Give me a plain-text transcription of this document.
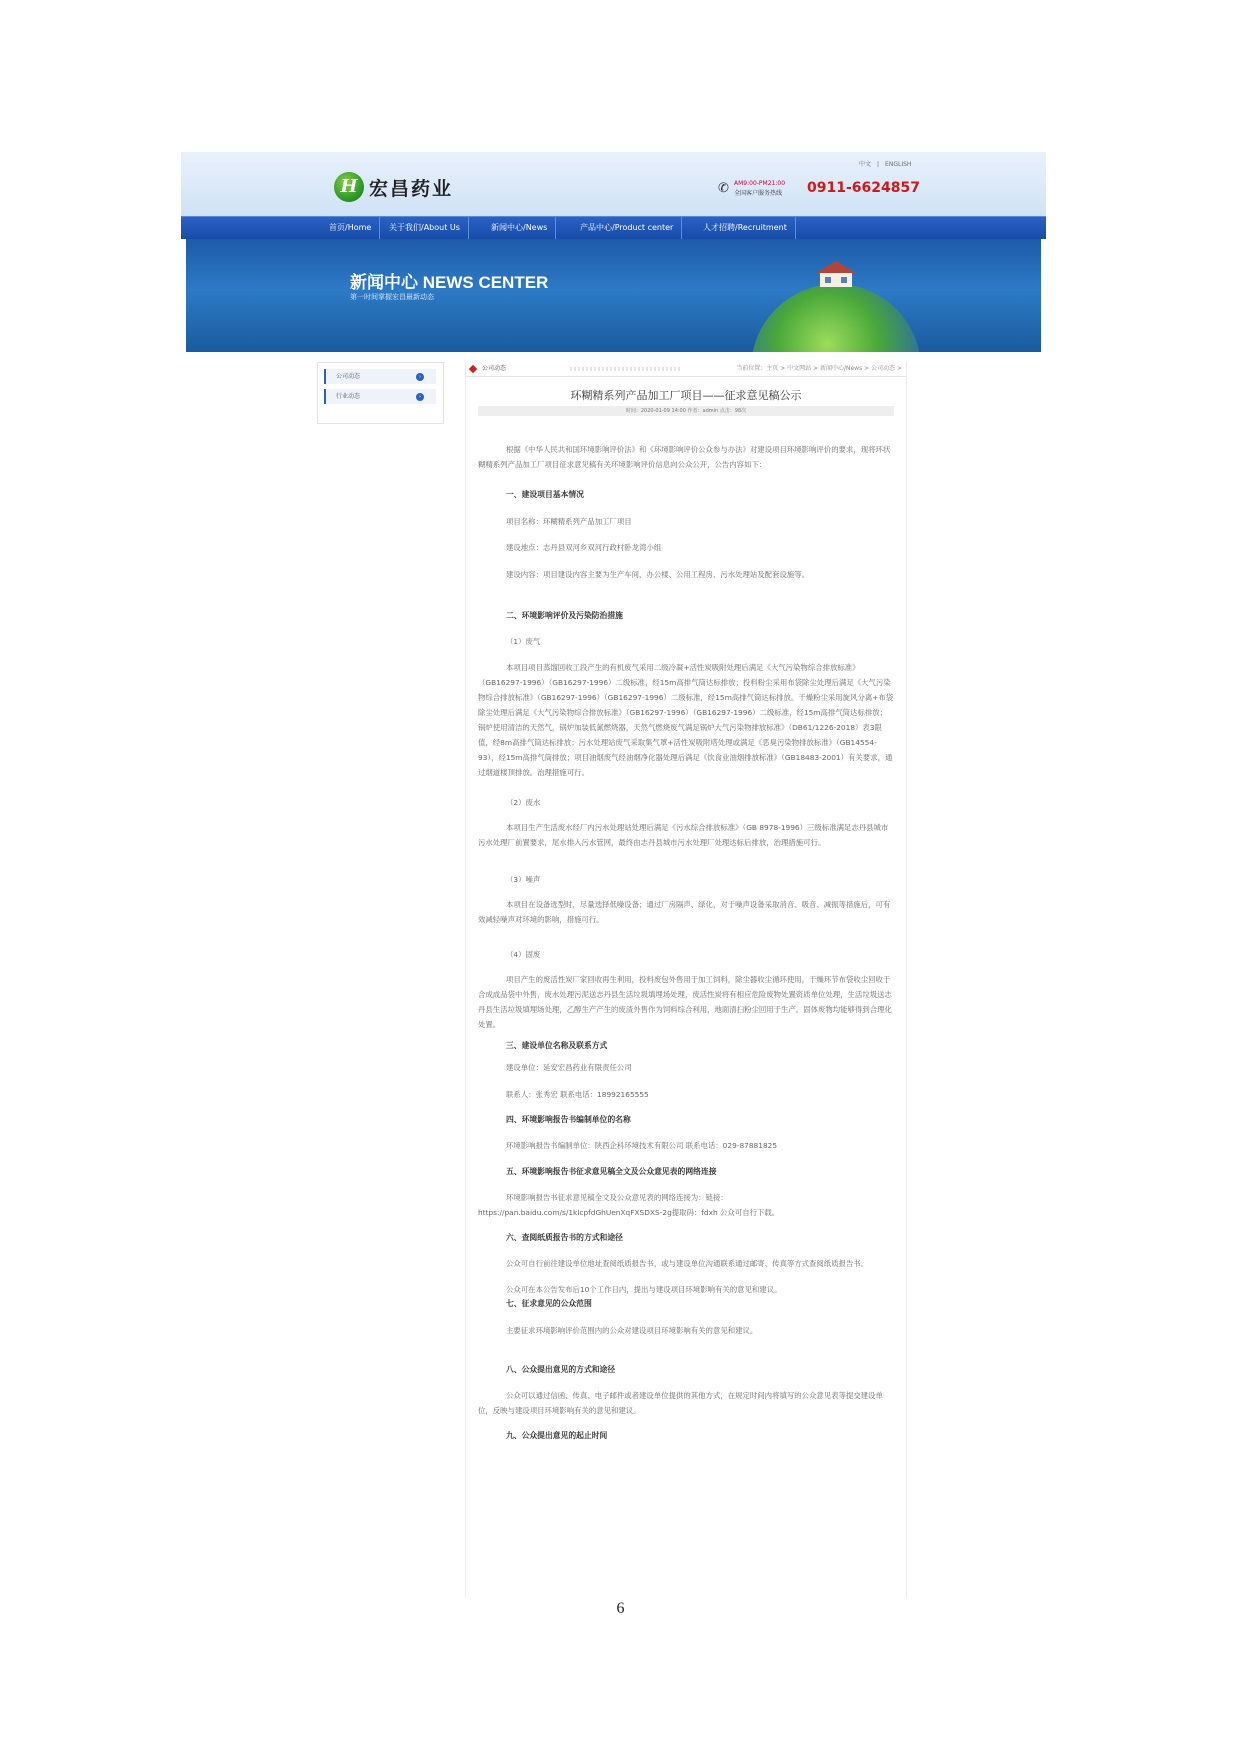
H 宏昌药业
中文 | ENGLISH
✆ AM9:00-PM21:00
全国客户服务热线 0911-6624857
首页/Home	关于我们/About Us	新闻中心/News	产品中心/Product center	人才招聘/Recruitment
新闻中心 NEWS CENTER
第一时间掌握宏昌最新动态
公司动态	›
行业动态	›
公司动态	当前位置：主页 > 中文网站 > 新闻中心/News > 公司动态 >
环糊精系列产品加工厂项目——征求意见稿公示
时间：2020-01-09 14:00 作者：admin 点击：98次
根据《中华人民共和国环境影响评价法》和《环境影响评价公众参与办法》对建设项目环境影响评价的要求，现将环状糊精系列产品加工厂项目征求意见稿有关环境影响评价信息向公众公开，公告内容如下：
一、建设项目基本情况
项目名称：环糊精系列产品加工厂项目
建设地点：志丹县双河乡双河行政村卧龙湾小组
建设内容：项目建设内容主要为生产车间、办公楼、公用工程房、污水处理站及配套设施等。
二、环境影响评价及污染防治措施
（1）废气
本项目项目蒸馏回收工段产生的有机废气采用二级冷凝+活性炭吸附处理后满足《大气污染物综合排放标准》（GB16297-1996）（GB16297-1996）二级标准，经15m高排气筒达标排放；投料粉尘采用布袋除尘处理后满足《大气污染物综合排放标准》（GB16297-1996）（GB16297-1996）二级标准，经15m高排气筒达标排放。干燥粉尘采用旋风分离+布袋除尘处理后满足《大气污染物综合排放标准》（GB16297-1996）（GB16297-1996）二级标准，经15m高排气筒达标排放；锅炉使用清洁的天然气，锅炉加装低氮燃烧器，天然气燃烧废气满足锅炉大气污染物排放标准》（DB61/1226-2018）表3限值，经8m高排气筒达标排放；污水处理站废气采取集气罩+活性炭吸附塔处理或满足《恶臭污染物排放标准》（GB14554-93），经15m高排气筒排放；项目油烟废气经油烟净化器处理后满足《饮食业油烟排放标准》（GB18483-2001）有关要求，通过烟道楼顶排放。治理措施可行。
（2）废水
本项目生产生活废水经厂内污水处理站处理后满足《污水综合排放标准》（GB 8978-1996）三级标准满足志丹县城市污水处理厂前置要求，尾水排入污水管网，最终由志丹县城市污水处理厂处理达标后排放，治理措施可行。
（3）噪声
本项目在设备选型时，尽量选择低噪设备；通过厂房隔声、绿化，对于噪声设备采取消音、吸音、减振等措施后，可有效减轻噪声对环境的影响，措施可行。
（4）固废
项目产生的废活性炭厂家回收再生利用，投料废包外售用于加工饲料，除尘器收尘循环使用，干燥环节布袋收尘回收于合成成品袋中外售，废水处理污泥送志丹县生活垃圾填埋场处理，废活性炭将有相应危险废物处置资质单位处理，生活垃圾送志丹县生活垃圾填埋场处理，乙醇生产产生的废渣外售作为饲料综合利用，地面清扫粉尘回用于生产。固体废物均能够得到合理化处置。
三、建设单位名称及联系方式
建设单位：延安宏昌药业有限责任公司
联系人：张秀宏 联系电话：18992165555
四、环境影响报告书编制单位的名称
环境影响报告书编制单位：陕西企科环境技术有限公司 联系电话：029-87881825
五、环境影响报告书征求意见稿全文及公众意见表的网络连接
环境影响报告书征求意见稿全文及公众意见表的网络连接为：链接：https://pan.baidu.com/s/1klcpfdGhUenXqFXSDXS-2g提取码：fdxh 公众可自行下载。
六、查阅纸质报告书的方式和途径
公众可自行前往建设单位地址查阅纸质报告书，或与建设单位沟通联系通过邮寄、传真等方式查阅纸质报告书。
七、征求意见的公众范围
主要征求环境影响评价范围内的公众对建设项目环境影响有关的意见和建议。
八、公众提出意见的方式和途径
公众可以通过信函、传真、电子邮件或者建设单位提供的其他方式，在规定时间内将填写的公众意见表等提交建设单位，反映与建设项目环境影响有关的意见和建议。
九、公众提出意见的起止时间
公众可在本公告发布后10个工作日内，提出与建设项目环境影响有关的意见和建议。
6
